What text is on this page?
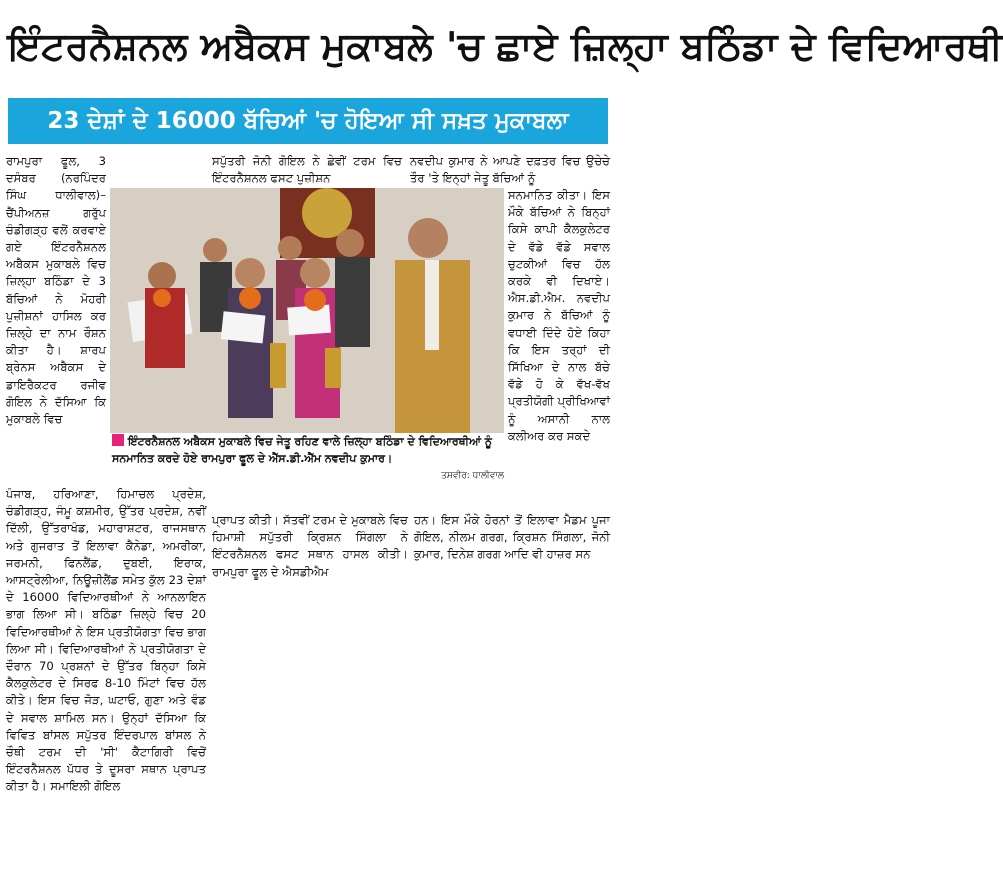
ਇੰਟਰਨੈਸ਼ਨਲ ਅਬੈਕਸ ਮੁਕਾਬਲੇ 'ਚ ਛਾਏ ਜ਼ਿਲ੍ਹਾ ਬਠਿੰਡਾ ਦੇ ਵਿਦਿਆਰਥੀ
23 ਦੇਸ਼ਾਂ ਦੇ 16000 ਬੱਚਿਆਂ 'ਚ ਹੋਇਆ ਸੀ ਸਖ਼ਤ ਮੁਕਾਬਲਾ
ਰਾਮਪੁਰਾ ਫੂਲ, 3 ਦਸੰਬਰ (ਨਰਪਿੰਦਰ ਸਿੰਘ ਧਾਲੀਵਾਲ)–ਚੈਂਪੀਅਨਜ਼ ਗਰੁੱਪ ਚੰਡੀਗੜ੍ਹ ਵਲੋਂ ਕਰਵਾਏ ਗਏ ਇੰਟਰਨੈਸ਼ਨਲ ਅਬੈਕਸ ਮੁਕਾਬਲੇ ਵਿਚ ਜ਼ਿਲ੍ਹਾ ਬਠਿੰਡਾ ਦੇ 3 ਬੱਚਿਆਂ ਨੇ ਮੋਹਰੀ ਪੁਜ਼ੀਸ਼ਨਾਂ ਹਾਸਿਲ ਕਰ ਜ਼ਿਲ੍ਹੇ ਦਾ ਨਾਮ ਰੌਸ਼ਨ ਕੀਤਾ ਹੈ। ਸ਼ਾਰਪ ਬ੍ਰੇਨਸ ਅਬੈਕਸ ਦੇ ਡਾਇਰੈਕਟਰ ਰਜੀਵ ਗੋਇਲ ਨੇ ਦੱਸਿਆ ਕਿ ਮੁਕਾਬਲੇ ਵਿਚ
ਸਪੁੱਤਰੀ ਜੋਨੀ ਗੋਇਲ ਨੇ ਛੇਵੀਂ ਟਰਮ ਵਿਚ ਇੰਟਰਨੈਸ਼ਨਲ ਫਸਟ ਪੁਜ਼ੀਸ਼ਨ
ਨਵਦੀਪ ਕੁਮਾਰ ਨੇ ਆਪਣੇ ਦਫ਼ਤਰ ਵਿਚ ਉਚੇਚੇ ਤੌਰ 'ਤੇ ਇਨ੍ਹਾਂ ਜੇਤੂ ਬੱਚਿਆਂ ਨੂੰ
ਸਨਮਾਨਿਤ ਕੀਤਾ। ਇਸ ਮੌਕੇ ਬੱਚਿਆਂ ਨੇ ਬਿਨ੍ਹਾਂ ਕਿਸੇ ਕਾਪੀ ਕੈਲਕੁਲੇਟਰ ਦੇ ਵੱਡੇ ਵੱਡੇ ਸਵਾਲ ਚੁਟਕੀਆਂ ਵਿਚ ਹੱਲ ਕਰਕੇ ਵੀ ਦਿਖਾਏ। ਐਸ.ਡੀ.ਐਮ. ਨਵਦੀਪ ਕੁਮਾਰ ਨੇ ਬੱਚਿਆਂ ਨੂੰ ਵਧਾਈ ਦਿੰਦੇ ਹੋਏ ਕਿਹਾ ਕਿ ਇਸ ਤਰ੍ਹਾਂ ਦੀ ਸਿੱਖਿਆ ਦੇ ਨਾਲ ਬੱਚੇ ਵੱਡੇ ਹੋ ਕੇ ਵੱਖ-ਵੱਖ ਪ੍ਰਤੀਯੋਗੀ ਪ੍ਰੀਖਿਆਵਾਂ ਨੂੰ ਅਸਾਨੀ ਨਾਲ ਕਲੀਅਰ ਕਰ ਸਕਦੇ
ਇੰਟਰਨੈਸ਼ਨਲ ਅਬੈਕਸ ਮੁਕਾਬਲੇ ਵਿਚ ਜੇਤੂ ਰਹਿਣ ਵਾਲੇ ਜ਼ਿਲ੍ਹਾ ਬਠਿੰਡਾ ਦੇ ਵਿਦਿਆਰਥੀਆਂ ਨੂੰ ਸਨਮਾਨਿਤ ਕਰਦੇ ਹੋਏ ਰਾਮਪੁਰਾ ਫੂਲ ਦੇ ਐੱਸ.ਡੀ.ਐੱਮ ਨਵਦੀਪ ਕੁਮਾਰ।
ਤਸਵੀਰ: ਧਾਲੀਵਾਲ
ਪੰਜਾਬ, ਹਰਿਆਣਾ, ਹਿਮਾਚਲ ਪ੍ਰਦੇਸ਼, ਚੰਡੀਗੜ੍ਹ, ਜੰਮੂ ਕਸ਼ਮੀਰ, ਉੱਤਰ ਪ੍ਰਦੇਸ਼, ਨਵੀਂ ਦਿੱਲੀ, ਉੱਤਰਾਖੰਡ, ਮਹਾਰਾਸ਼ਟਰ, ਰਾਜਸਥਾਨ ਅਤੇ ਗੁਜਰਾਤ ਤੋਂ ਇਲਾਵਾ ਕੈਨੇਡਾ, ਅਮਰੀਕਾ, ਜਰਮਨੀ, ਫਿਨਲੈਂਡ, ਦੁਬਈ, ਇਰਾਕ, ਆਸਟ੍ਰੇਲੀਆ, ਨਿਊਜ਼ੀਲੈਂਡ ਸਮੇਤ ਕੁੱਲ 23 ਦੇਸ਼ਾਂ ਦੇ 16000 ਵਿਦਿਆਰਥੀਆਂ ਨੇ ਆਨਲਾਇਨ ਭਾਗ ਲਿਆ ਸੀ। ਬਠਿੰਡਾ ਜ਼ਿਲ੍ਹੇ ਵਿਚ 20 ਵਿਦਿਆਰਥੀਆਂ ਨੇ ਇਸ ਪ੍ਰਤੀਯੋਗਤਾ ਵਿਚ ਭਾਗ ਲਿਆ ਸੀ। ਵਿਦਿਆਰਥੀਆਂ ਨੇ ਪ੍ਰਤੀਯੋਗਤਾ ਦੇ ਦੌਰਾਨ 70 ਪ੍ਰਸ਼ਨਾਂ ਦੇ ਉੱਤਰ ਬਿਨ੍ਹਾ ਕਿਸੇ ਕੈਲਕੁਲੇਟਰ ਦੇ ਸਿਰਫ 8-10 ਮਿੰਟਾਂ ਵਿਚ ਹੱਲ ਕੀਤੇ। ਇਸ ਵਿਚ ਜੋੜ, ਘਟਾਓ, ਗੁਣਾ ਅਤੇ ਵੰਡ ਦੇ ਸਵਾਲ ਸ਼ਾਮਿਲ ਸਨ। ਉਨ੍ਹਾਂ ਦੱਸਿਆ ਕਿ ਵਿਵਿਤ ਬਾਂਸਲ ਸਪੁੱਤਰ ਇੰਦਰਪਾਲ ਬਾਂਸਲ ਨੇ ਚੌਥੀ ਟਰਮ ਦੀ 'ਸੀ' ਕੈਟਾਗਿਰੀ ਵਿਚੋਂ ਇੰਟਰਨੈਸ਼ਨਲ ਪੱਧਰ ਤੇ ਦੂਸਰਾ ਸਥਾਨ ਪ੍ਰਾਪਤ ਕੀਤਾ ਹੈ। ਸਮਾਇਲੀ ਗੋਇਲ
ਪ੍ਰਾਪਤ ਕੀਤੀ। ਸੱਤਵੀਂ ਟਰਮ ਦੇ ਮੁਕਾਬਲੇ ਵਿਚ ਹਿਮਾਸ਼ੀ ਸਪੁੱਤਰੀ ਕ੍ਰਿਸ਼ਨ ਸਿੰਗਲਾ ਨੇ ਇੰਟਰਨੈਸ਼ਨਲ ਫਸਟ ਸਥਾਨ ਹਾਸਲ ਕੀਤੀ। ਰਾਮਪੁਰਾ ਫੂਲ ਦੇ ਐਸਡੀਐਮ
ਹਨ। ਇਸ ਮੌਕੇ ਹੋਰਨਾਂ ਤੋਂ ਇਲਾਵਾ ਮੈਡਮ ਪੂਜਾ ਗੋਇਲ, ਨੀਲਮ ਗਰਗ, ਕ੍ਰਿਸ਼ਨ ਸਿੰਗਲਾ, ਜੋਨੀ ਕੁਮਾਰ, ਦਿਨੇਸ਼ ਗਰਗ ਆਦਿ ਵੀ ਹਾਜ਼ਰ ਸਨ
